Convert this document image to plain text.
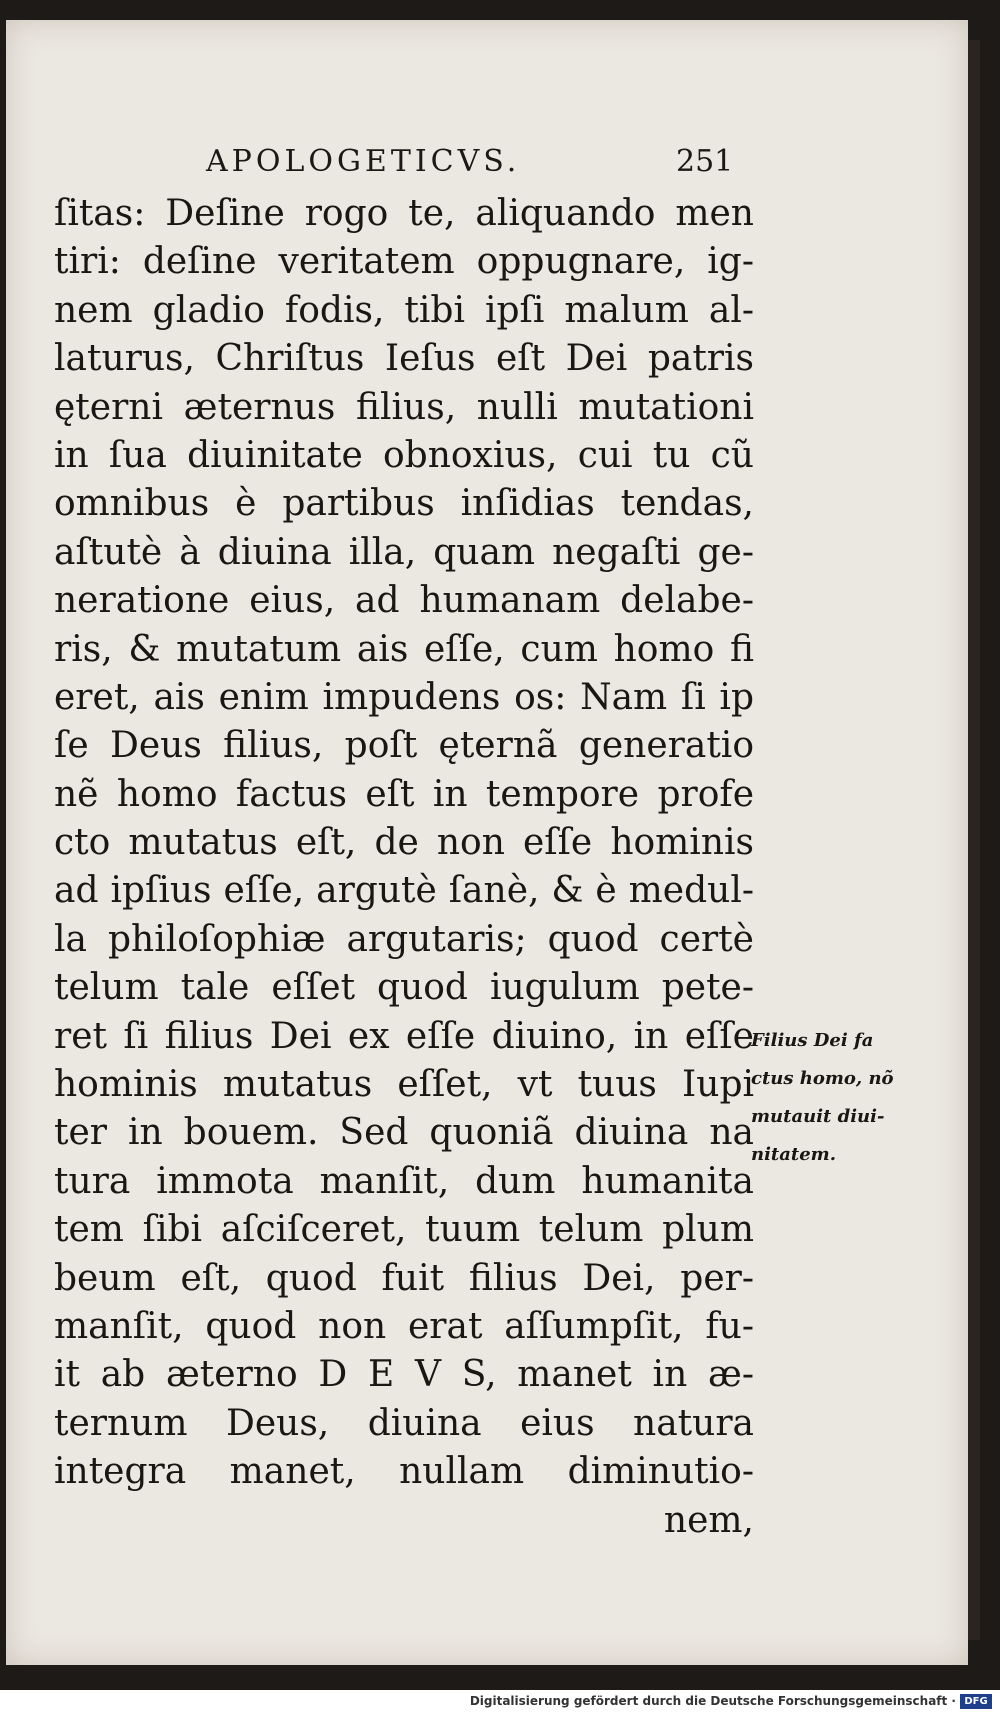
APOLOGETICVS.	251
ſitas: Deſine rogo te, aliquando men
tiri: deſine veritatem oppugnare, ig-
nem gladio fodis, tibi ipſi malum al-
laturus, Chriſtus Ieſus eſt Dei patris
ęterni æternus filius, nulli mutationi
in ſua diuinitate obnoxius, cui tu cũ
omnibus è partibus inſidias tendas,
aſtutè à diuina illa, quam negaſti ge-
neratione eius, ad humanam delabe-
ris, & mutatum ais eſſe, cum homo fi
eret, ais enim impudens os: Nam ſi ip
ſe Deus filius, poſt ęternã generatio
nẽ homo factus eſt in tempore profe
cto mutatus eſt, de non eſſe hominis
ad ipſius eſſe, argutè ſanè, & è medul-
la philoſophiæ argutaris; quod certè
telum tale eſſet quod iugulum pete-
ret ſi filius Dei ex eſſe diuino, in eſſe
hominis mutatus eſſet, vt tuus Iupi
ter in bouem. Sed quoniã diuina na
tura immota manſit, dum humanita
tem ſibi aſciſceret, tuum telum plum
beum eſt, quod fuit filius Dei, per-
manſit, quod non erat aſſumpſit, fu-
it ab æterno D E V S, manet in æ-
ternum Deus, diuina eius natura
integra manet, nullam diminutio-
nem,
Filius Dei fa
ctus homo, nõ
mutauit diui-
nitatem.
Digitalisierung gefördert durch die Deutsche Forschungsgemeinschaft · DFG
